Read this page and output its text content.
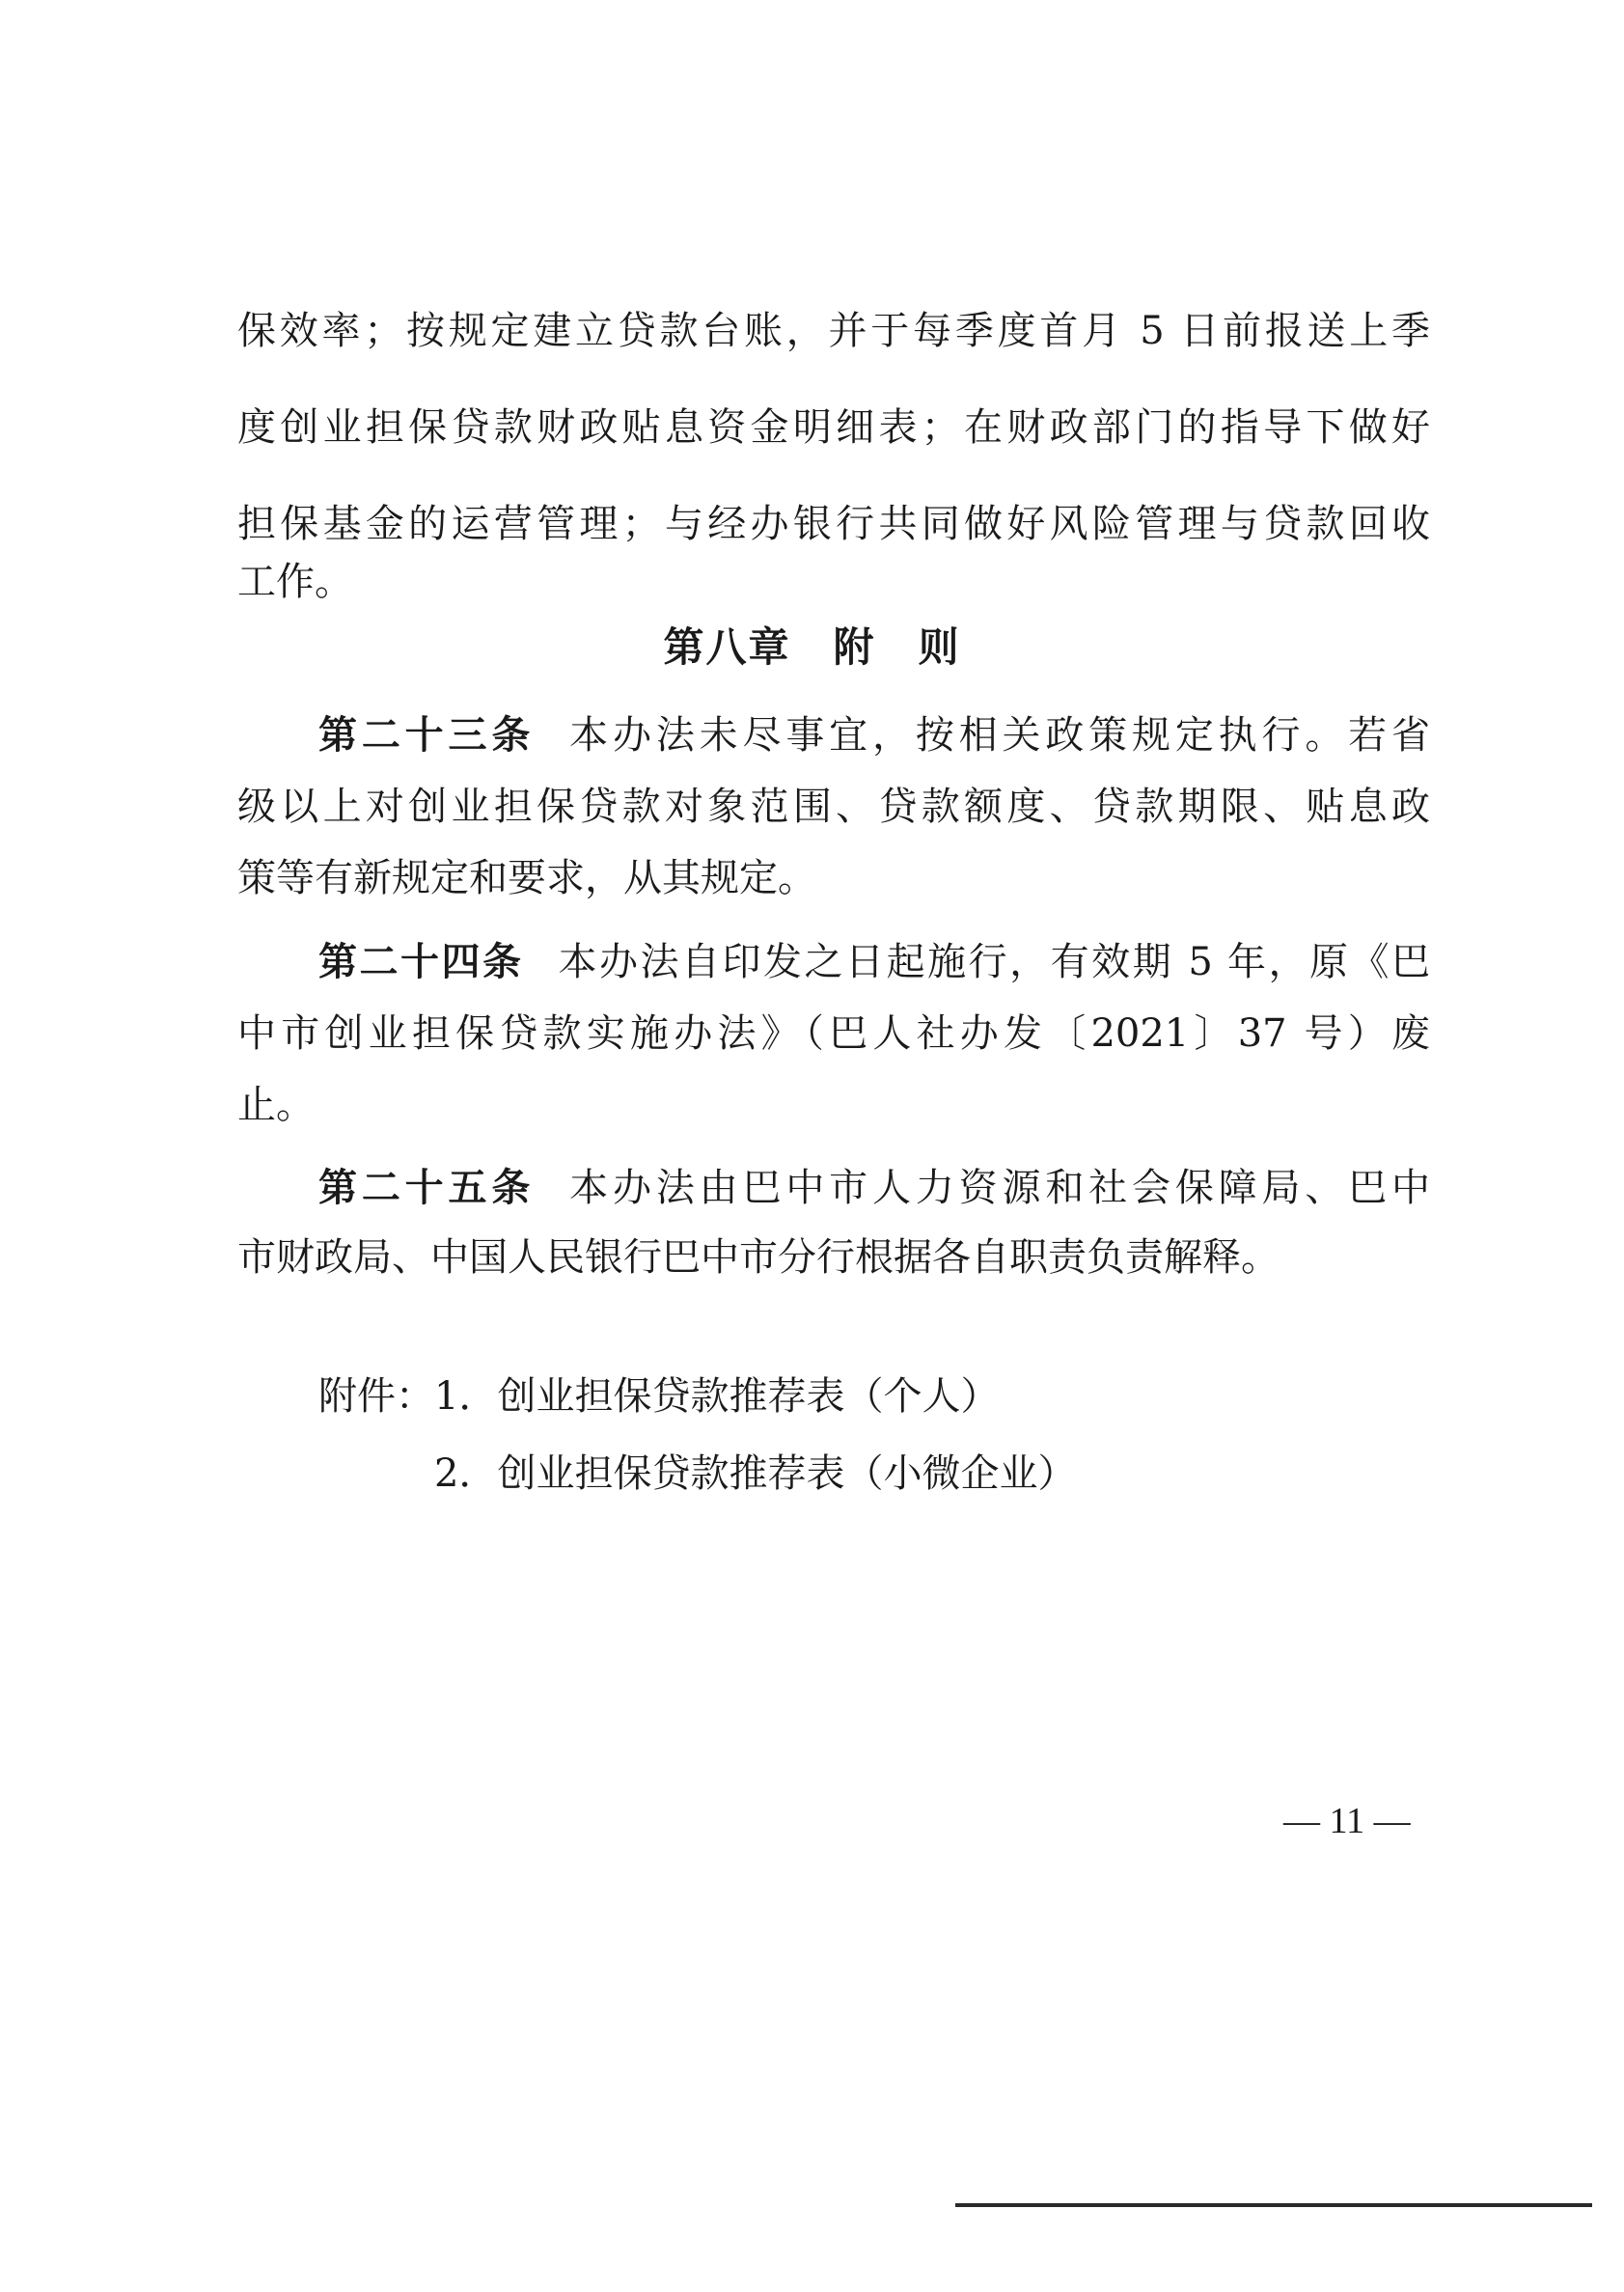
保效率；按规定建立贷款台账，并于每季度首月 5 日前报送上季
度创业担保贷款财政贴息资金明细表；在财政部门的指导下做好
担保基金的运营管理；与经办银行共同做好风险管理与贷款回收
工作。
第八章 附　则
第二十三条 本办法未尽事宜，按相关政策规定执行。若省
级以上对创业担保贷款对象范围、贷款额度、贷款期限、贴息政
策等有新规定和要求，从其规定。
第二十四条 本办法自印发之日起施行，有效期 5 年，原《巴
中市创业担保贷款实施办法》（巴人社办发〔2021〕37 号）废
止。
第二十五条 本办法由巴中市人力资源和社会保障局、巴中
市财政局、中国人民银行巴中市分行根据各自职责负责解释。
附件：1．创业担保贷款推荐表（个人）
2．创业担保贷款推荐表（小微企业）
— 11 —
